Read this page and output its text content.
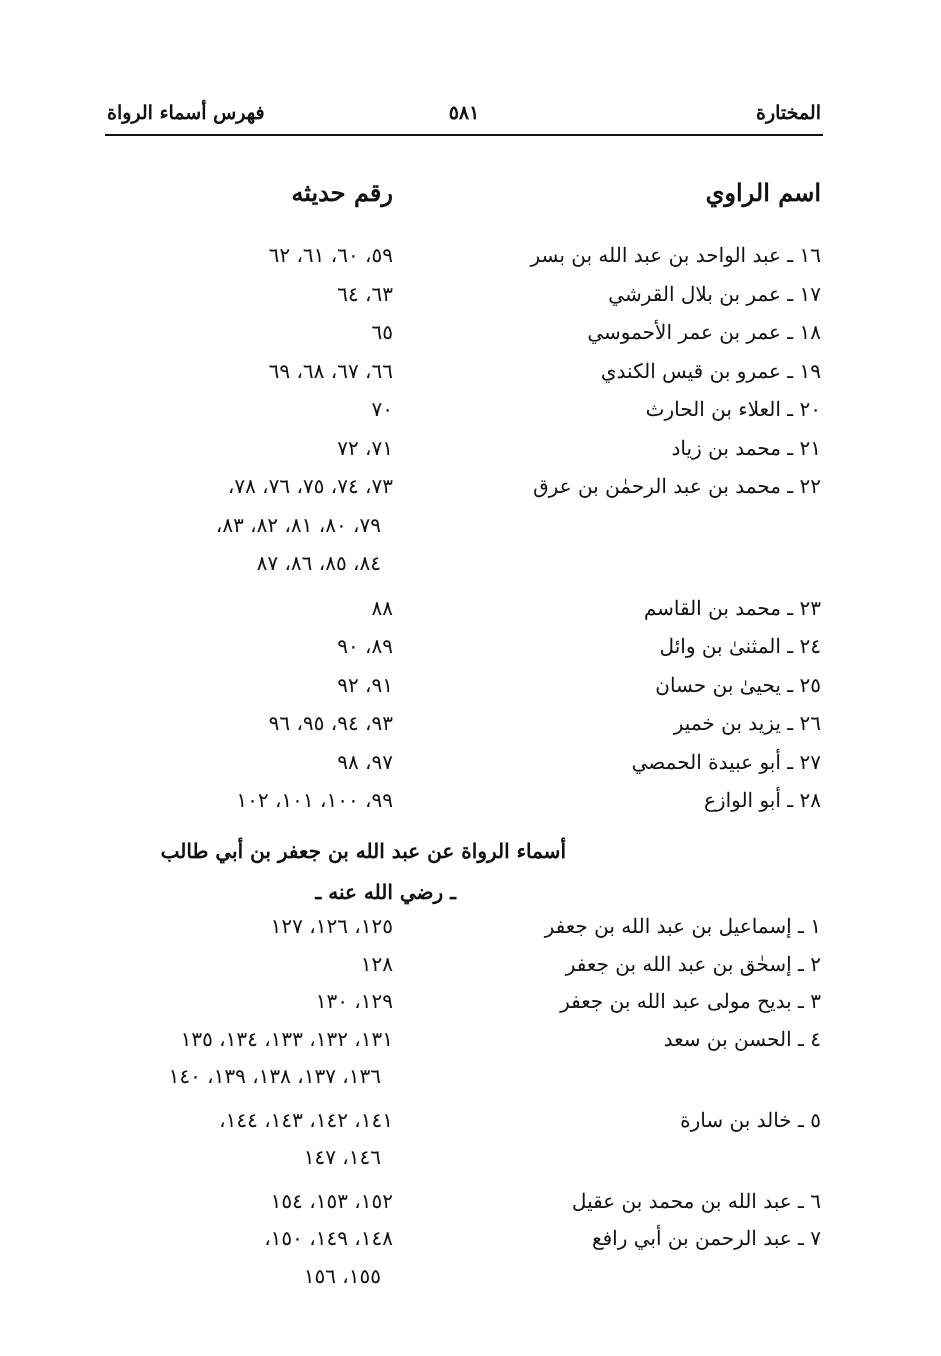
المختارة
٥٨١
فهرس أسماء الرواة
اسم الراوي
رقم حديثه
١٦ ـ عبد الواحد بن عبد الله بن بسر
٥٩، ٦٠، ٦١، ٦٢
١٧ ـ عمر بن بلال القرشي
٦٣، ٦٤
١٨ ـ عمر بن عمر الأحموسي
٦٥
١٩ ـ عمرو بن قيس الكندي
٦٦، ٦٧، ٦٨، ٦٩
٢٠ ـ العلاء بن الحارث
٧٠
٢١ ـ محمد بن زياد
٧١، ٧٢
٢٢ ـ محمد بن عبد الرحمٰن بن عرق
٧٣، ٧٤، ٧٥، ٧٦، ٧٨،
٧٩، ٨٠، ٨١، ٨٢، ٨٣،
٨٤، ٨٥، ٨٦، ٨٧
٢٣ ـ محمد بن القاسم
٨٨
٢٤ ـ المثنىٰ بن وائل
٨٩، ٩٠
٢٥ ـ يحيىٰ بن حسان
٩١، ٩٢
٢٦ ـ يزيد بن خمير
٩٣، ٩٤، ٩٥، ٩٦
٢٧ ـ أبو عبيدة الحمصي
٩٧، ٩٨
٢٨ ـ أبو الوازع
٩٩، ١٠٠، ١٠١، ١٠٢
١ ـ إسماعيل بن عبد الله بن جعفر
١٢٥، ١٢٦، ١٢٧
٢ ـ إسحٰق بن عبد الله بن جعفر
١٢٨
٣ ـ بديح مولى عبد الله بن جعفر
١٢٩، ١٣٠
٤ ـ الحسن بن سعد
١٣١، ١٣٢، ١٣٣، ١٣٤، ١٣٥
١٣٦، ١٣٧، ١٣٨، ١٣٩، ١٤٠
٥ ـ خالد بن سارة
١٤١، ١٤٢، ١٤٣، ١٤٤،
١٤٦، ١٤٧
٦ ـ عبد الله بن محمد بن عقيل
١٥٢، ١٥٣، ١٥٤
٧ ـ عبد الرحمن بن أبي رافع
١٤٨، ١٤٩، ١٥٠،
١٥٥، ١٥٦
أسماء الرواة عن عبد الله بن جعفر بن أبي طالب
ـ رضي الله عنه ـ
